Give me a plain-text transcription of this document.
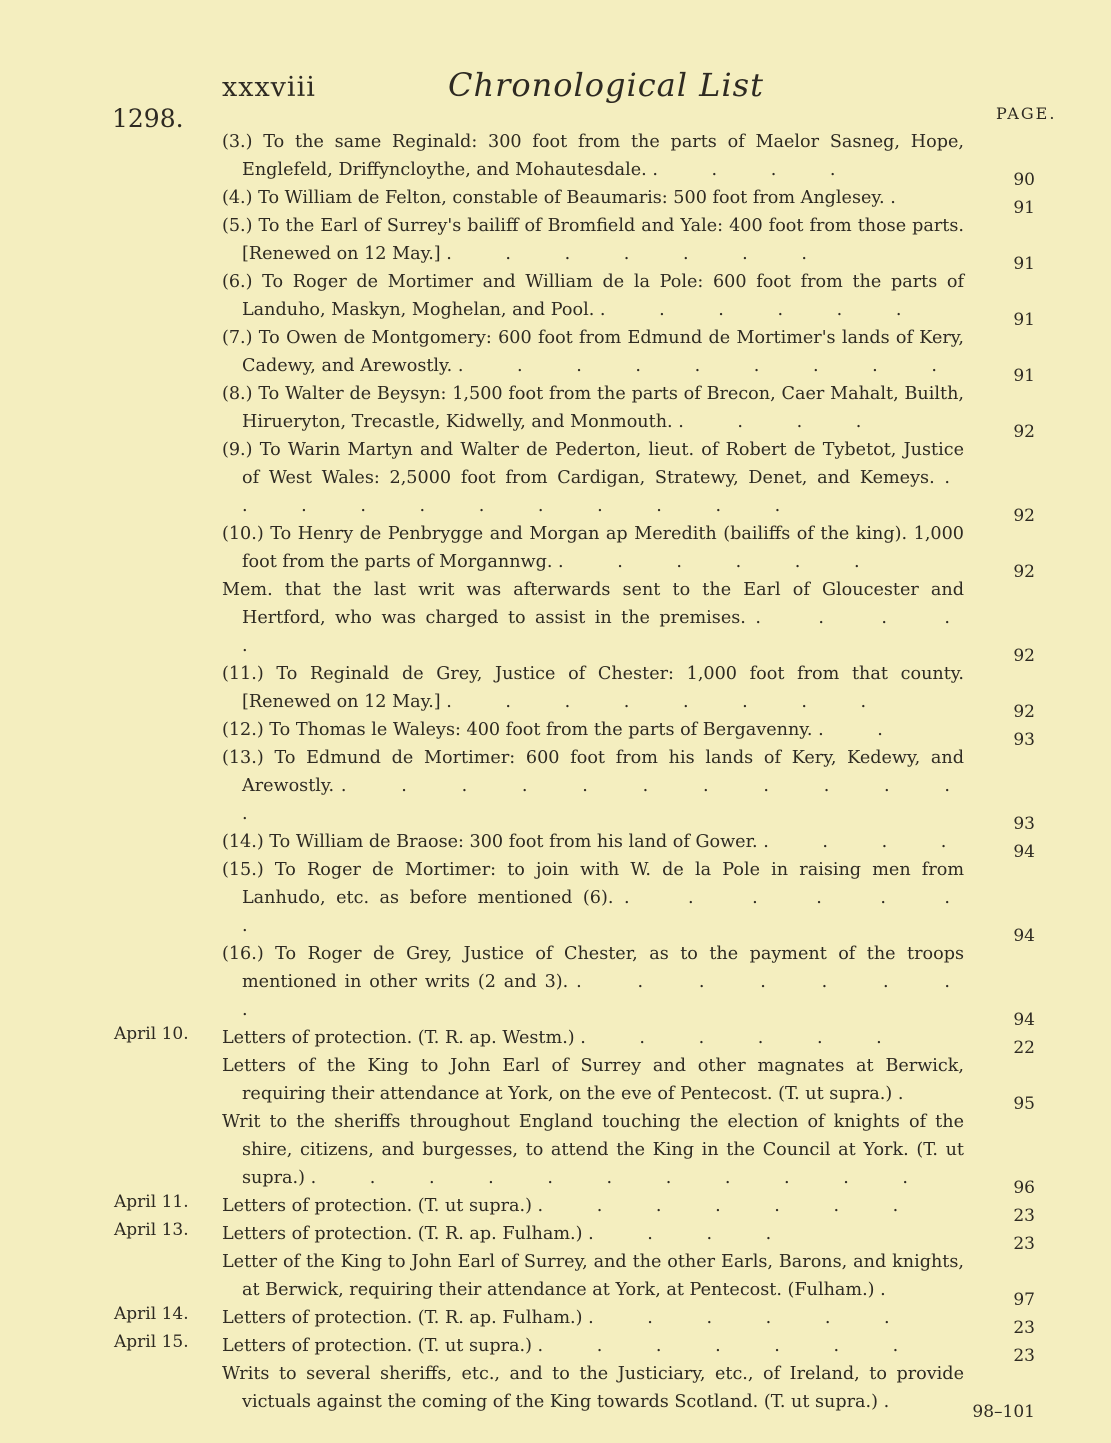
xxxviii	Chronological List
1298.	PAGE.
(3.) To the same Reginald: 300 foot from the parts of Maelor Sasneg, Hope, Englefeld, Driffyncloythe, and Mohautesdale. . . . .	90
(4.) To William de Felton, constable of Beaumaris: 500 foot from Anglesey. .	91
(5.) To the Earl of Surrey's bailiff of Bromfield and Yale: 400 foot from those parts. [Renewed on 12 May.] . . . . . . .	91
(6.) To Roger de Mortimer and William de la Pole: 600 foot from the parts of Landuho, Maskyn, Moghelan, and Pool. . . . . . .	91
(7.) To Owen de Montgomery: 600 foot from Edmund de Mortimer's lands of Kery, Cadewy, and Arewostly. . . . . . . . . .	91
(8.) To Walter de Beysyn: 1,500 foot from the parts of Brecon, Caer Mahalt, Builth, Hirueryton, Trecastle, Kidwelly, and Monmouth. . . . .	92
(9.) To Warin Martyn and Walter de Pederton, lieut. of Robert de Tybetot, Justice of West Wales: 2,5000 foot from Cardigan, Stratewy, Denet, and Kemeys. . . . . . . . . . . .	92
(10.) To Henry de Penbrygge and Morgan ap Meredith (bailiffs of the king). 1,000 foot from the parts of Morgannwg. . . . . . .	92
Mem. that the last writ was afterwards sent to the Earl of Gloucester and Hertford, who was charged to assist in the premises. . . . . .	92
(11.) To Reginald de Grey, Justice of Chester: 1,000 foot from that county. [Renewed on 12 May.] . . . . . . . .	92
(12.) To Thomas le Waleys: 400 foot from the parts of Bergavenny. . .	93
(13.) To Edmund de Mortimer: 600 foot from his lands of Kery, Kedewy, and Arewostly. . . . . . . . . . . . .	93
(14.) To William de Braose: 300 foot from his land of Gower. . . . .	94
(15.) To Roger de Mortimer: to join with W. de la Pole in raising men from Lanhudo, etc. as before mentioned (6). . . . . . . .	94
(16.) To Roger de Grey, Justice of Chester, as to the payment of the troops mentioned in other writs (2 and 3). . . . . . . . .	94
April 10.	Letters of protection. (T. R. ap. Westm.) . . . . . .	22
Letters of the King to John Earl of Surrey and other magnates at Berwick, requiring their attendance at York, on the eve of Pentecost. (T. ut supra.) .	95
Writ to the sheriffs throughout England touching the election of knights of the shire, citizens, and burgesses, to attend the King in the Council at York. (T. ut supra.) . . . . . . . . . . .	96
April 11.	Letters of protection. (T. ut supra.) . . . . . . .	23
April 13.	Letters of protection. (T. R. ap. Fulham.) . . . .	23
Letter of the King to John Earl of Surrey, and the other Earls, Barons, and knights, at Berwick, requiring their attendance at York, at Pentecost. (Fulham.) .	97
April 14.	Letters of protection. (T. R. ap. Fulham.) . . . . . .	23
April 15.	Letters of protection. (T. ut supra.) . . . . . . .	23
Writs to several sheriffs, etc., and to the Justiciary, etc., of Ireland, to provide victuals against the coming of the King towards Scotland. (T. ut supra.) .	98–101
